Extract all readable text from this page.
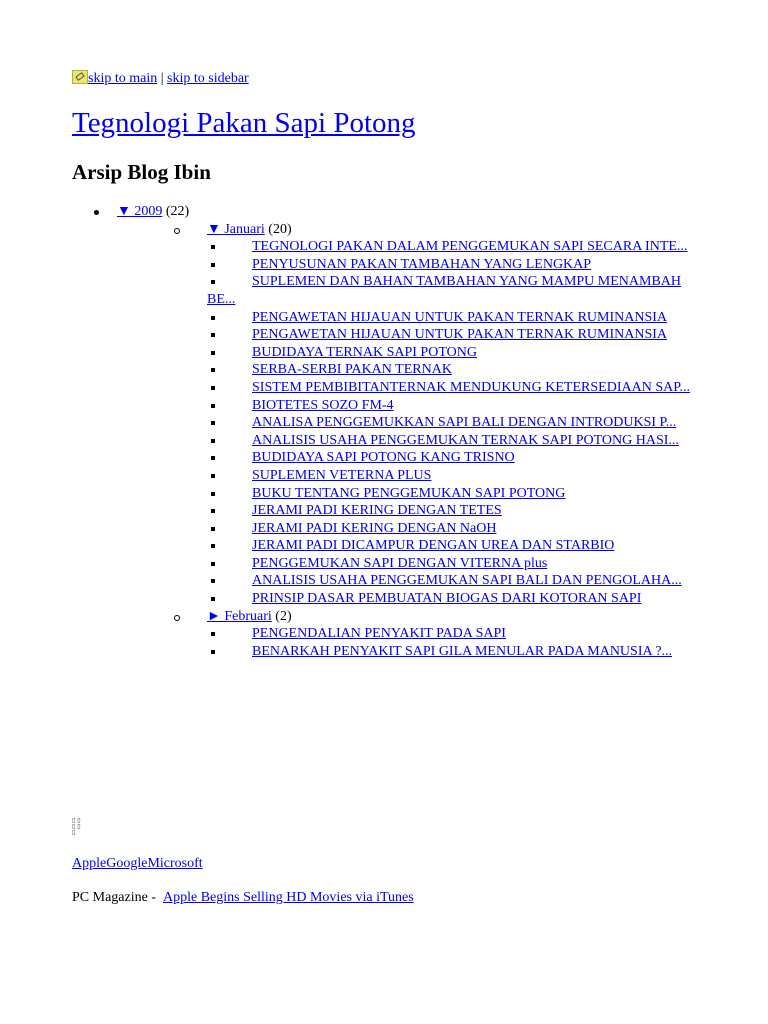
skip to main | skip to sidebar
Tegnologi Pakan Sapi Potong
Arsip Blog Ibin
▼ 2009 (22)
▼ Januari (20)
TEGNOLOGI PAKAN DALAM PENGGEMUKAN SAPI SECARA INTE...
PENYUSUNAN PAKAN TAMBAHAN YANG LENGKAP
SUPLEMEN DAN BAHAN TAMBAHAN YANG MAMPU MENAMBAH BE...
PENGAWETAN HIJAUAN UNTUK PAKAN TERNAK RUMINANSIA
PENGAWETAN HIJAUAN UNTUK PAKAN TERNAK RUMINANSIA
BUDIDAYA TERNAK SAPI POTONG
SERBA-SERBI PAKAN TERNAK
SISTEM PEMBIBITANTERNAK MENDUKUNG KETERSEDIAAN SAP...
BIOTETES SOZO FM-4
ANALISA PENGGEMUKKAN SAPI BALI DENGAN INTRODUKSI P...
ANALISIS USAHA PENGGEMUKAN TERNAK SAPI POTONG HASI...
BUDIDAYA SAPI POTONG KANG TRISNO
SUPLEMEN VETERNA PLUS
BUKU TENTANG PENGGEMUKAN SAPI POTONG
JERAMI PADI KERING DENGAN TETES
JERAMI PADI KERING DENGAN NaOH
JERAMI PADI DICAMPUR DENGAN UREA DAN STARBIO
PENGGEMUKAN SAPI DENGAN VITERNA plus
ANALISIS USAHA PENGGEMUKAN SAPI BALI DAN PENGOLAHA...
PRINSIP DASAR PEMBUATAN BIOGAS DARI KOTORAN SAPI
► Februari (2)
PENGENDALIAN PENYAKIT PADA SAPI
BENARKAH PENYAKIT SAPI GILA MENULAR PADA MANUSIA ?...
▯ ▯
▯ ▯
▯
AppleGoogleMicrosoft
PC Magazine -  Apple Begins Selling HD Movies via iTunes
